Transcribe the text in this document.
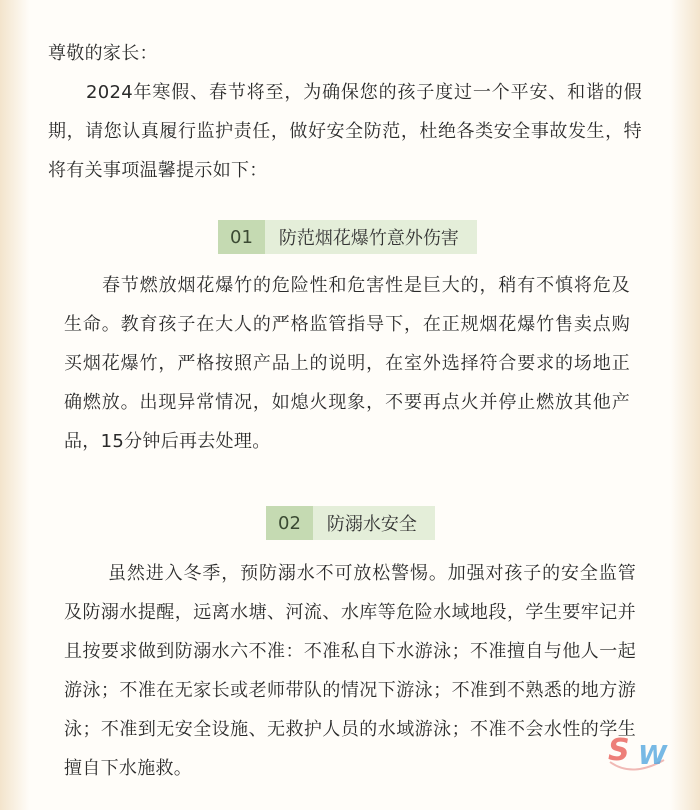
尊敬的家长：

2024年寒假、春节将至，为确保您的孩子度过一个平安、和谐的假期，请您认真履行监护责任，做好安全防范，杜绝各类安全事故发生，特将有关事项温馨提示如下：

01	防范烟花爆竹意外伤害

春节燃放烟花爆竹的危险性和危害性是巨大的，稍有不慎将危及生命。教育孩子在大人的严格监管指导下，在正规烟花爆竹售卖点购买烟花爆竹，严格按照产品上的说明，在室外选择符合要求的场地正确燃放。出现异常情况，如熄火现象，不要再点火并停止燃放其他产品，15分钟后再去处理。

02	防溺水安全

虽然进入冬季，预防溺水不可放松警惕。加强对孩子的安全监管及防溺水提醒，远离水塘、河流、水库等危险水域地段，学生要牢记并且按要求做到防溺水六不准：不准私自下水游泳；不准擅自与他人一起游泳；不准在无家长或老师带队的情况下游泳；不准到不熟悉的地方游泳；不准到无安全设施、无救护人员的水域游泳；不准不会水性的学生擅自下水施救。

S W
